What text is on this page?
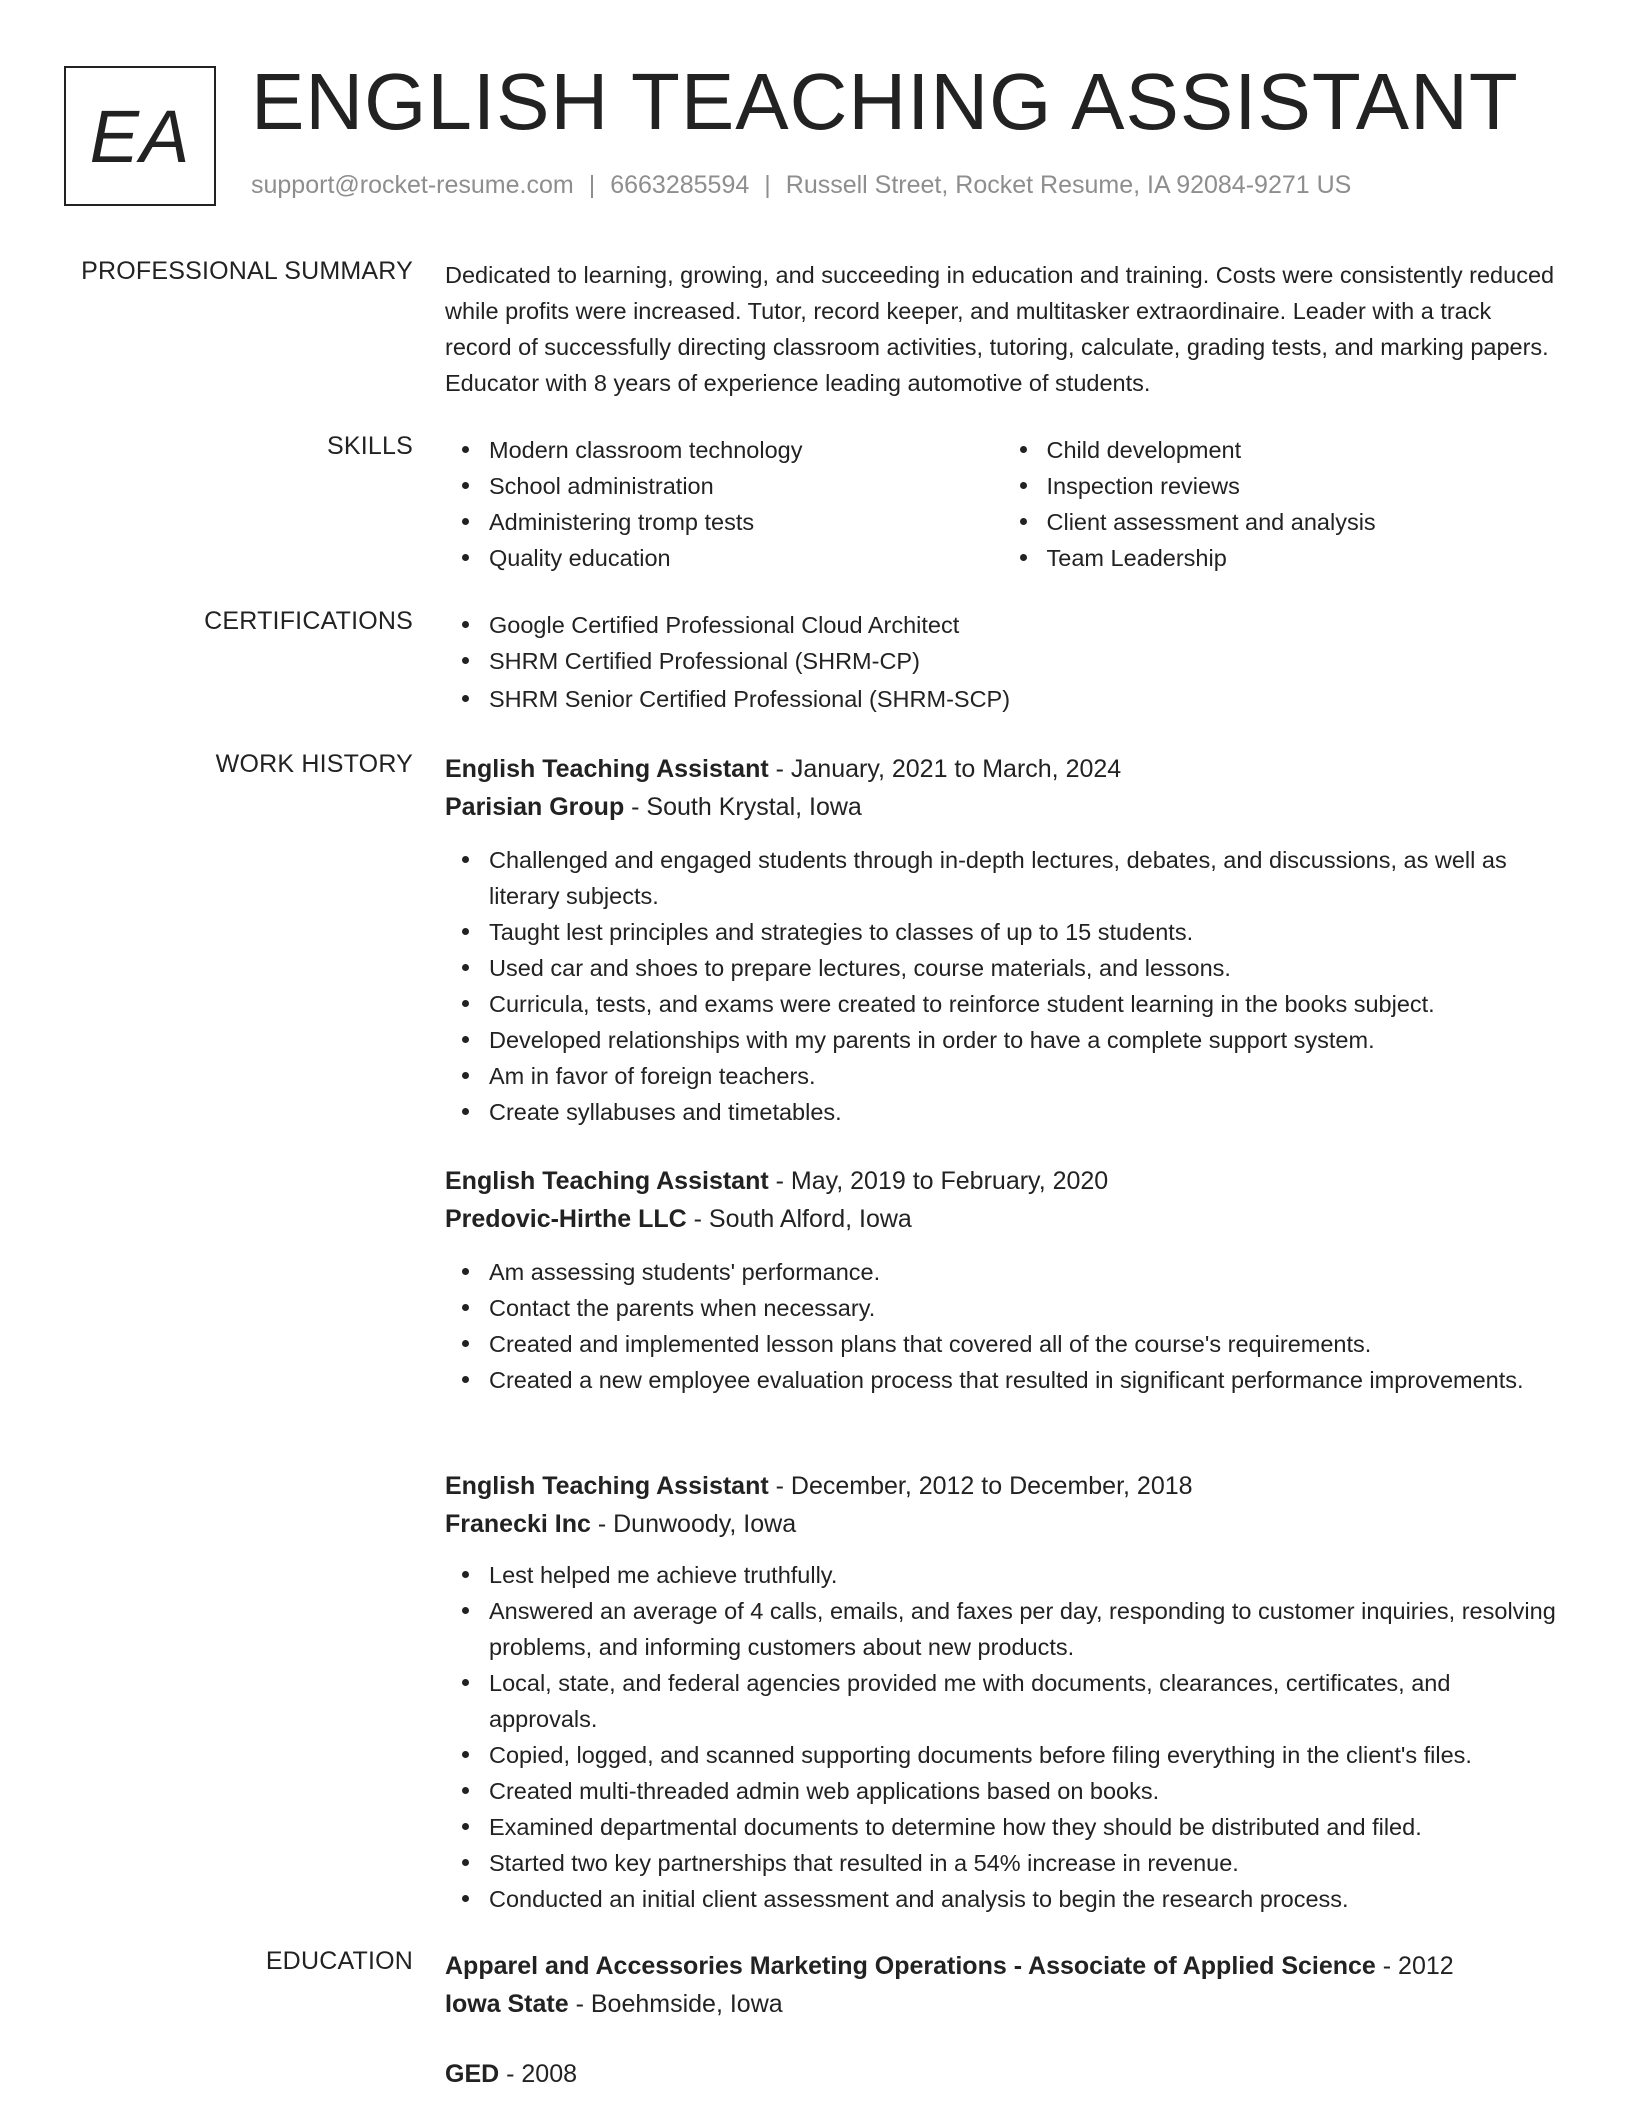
EA ENGLISH TEACHING ASSISTANT
support@rocket-resume.com | 6663285594 | Russell Street, Rocket Resume, IA 92084-9271 US
PROFESSIONAL SUMMARY Dedicated to learning, growing, and succeeding in education and training. Costs were consistently reduced while profits were increased. Tutor, record keeper, and multitasker extraordinaire. Leader with a track record of successfully directing classroom activities, tutoring, calculate, grading tests, and marking papers. Educator with 8 years of experience leading automotive of students.
SKILLS	Modern classroom technology
School administration
Administering tromp tests
Quality education
Child development
Inspection reviews
Client assessment and analysis
Team Leadership
CERTIFICATIONS	Google Certified Professional Cloud Architect
SHRM Certified Professional (SHRM-CP)
SHRM Senior Certified Professional (SHRM-SCP)
WORK HISTORY English Teaching Assistant - January, 2021 to March, 2024
Parisian Group - South Krystal, Iowa
Challenged and engaged students through in-depth lectures, debates, and discussions, as well as literary subjects.
Taught lest principles and strategies to classes of up to 15 students.
Used car and shoes to prepare lectures, course materials, and lessons.
Curricula, tests, and exams were created to reinforce student learning in the books subject.
Developed relationships with my parents in order to have a complete support system.
Am in favor of foreign teachers.
Create syllabuses and timetables.
English Teaching Assistant - May, 2019 to February, 2020
Predovic-Hirthe LLC - South Alford, Iowa
Am assessing students' performance.
Contact the parents when necessary.
Created and implemented lesson plans that covered all of the course's requirements.
Created a new employee evaluation process that resulted in significant performance improvements.
English Teaching Assistant - December, 2012 to December, 2018
Franecki Inc - Dunwoody, Iowa
Lest helped me achieve truthfully.
Answered an average of 4 calls, emails, and faxes per day, responding to customer inquiries, resolving problems, and informing customers about new products.
Local, state, and federal agencies provided me with documents, clearances, certificates, and approvals.
Copied, logged, and scanned supporting documents before filing everything in the client's files.
Created multi-threaded admin web applications based on books.
Examined departmental documents to determine how they should be distributed and filed.
Started two key partnerships that resulted in a 54% increase in revenue.
Conducted an initial client assessment and analysis to begin the research process.
EDUCATION Apparel and Accessories Marketing Operations - Associate of Applied Science - 2012
Iowa State - Boehmside, Iowa
GED - 2008
